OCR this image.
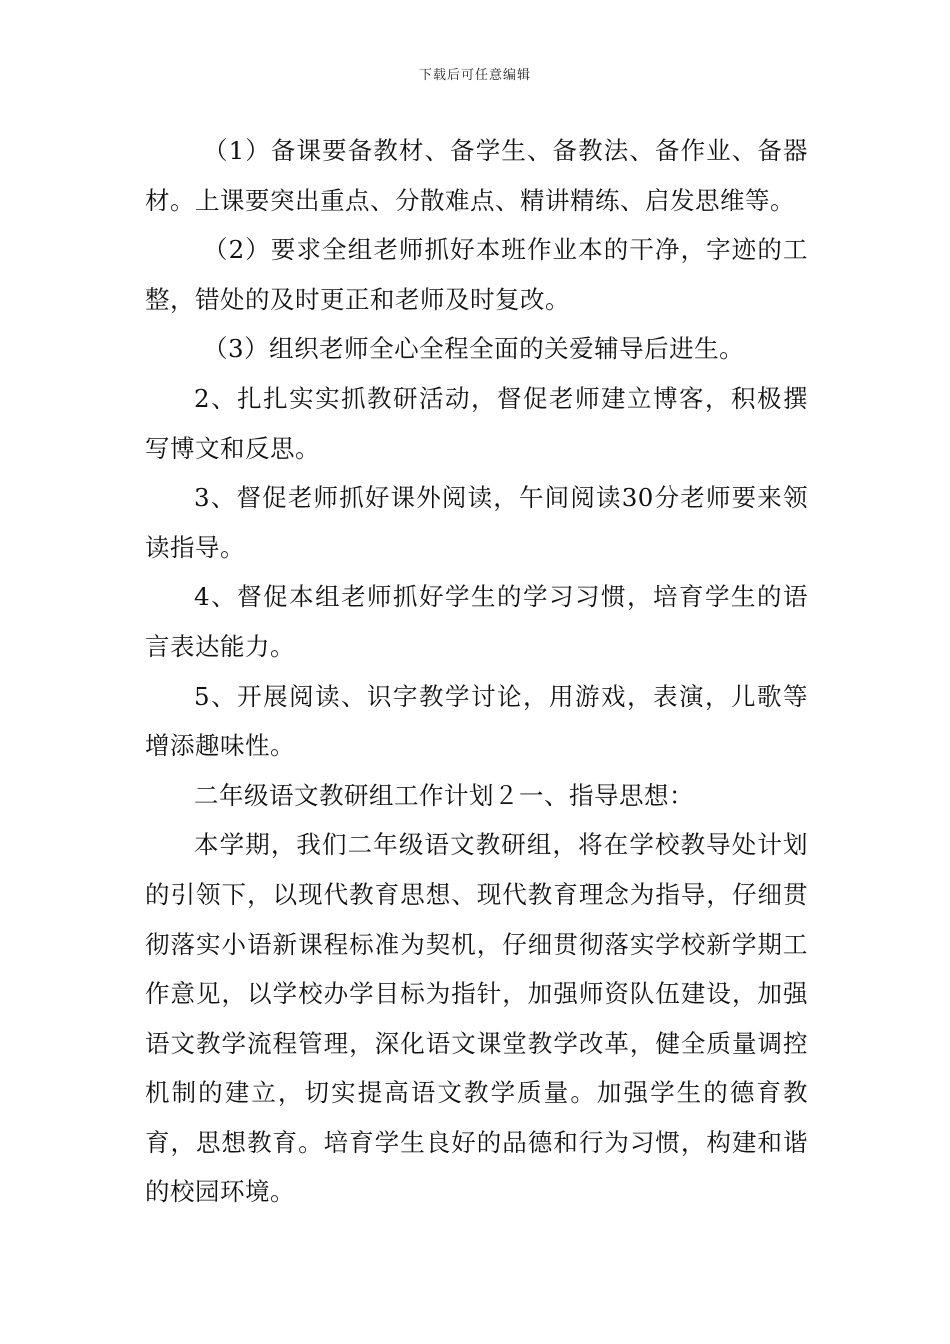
下载后可任意编辑

（1）备课要备教材、备学生、备教法、备作业、备器材。上课要突出重点、分散难点、精讲精练、启发思维等。

（2）要求全组老师抓好本班作业本的干净，字迹的工整，错处的及时更正和老师及时复改。

（3）组织老师全心全程全面的关爱辅导后进生。

2、扎扎实实抓教研活动，督促老师建立博客，积极撰写博文和反思。

3、督促老师抓好课外阅读，午间阅读30分老师要来领读指导。

4、督促本组老师抓好学生的学习习惯，培育学生的语言表达能力。

5、开展阅读、识字教学讨论，用游戏，表演，儿歌等增添趣味性。

二年级语文教研组工作计划２一、指导思想：

本学期，我们二年级语文教研组，将在学校教导处计划的引领下，以现代教育思想、现代教育理念为指导，仔细贯彻落实小语新课程标准为契机，仔细贯彻落实学校新学期工作意见，以学校办学目标为指针，加强师资队伍建设，加强语文教学流程管理，深化语文课堂教学改革，健全质量调控机制的建立，切实提高语文教学质量。加强学生的德育教育，思想教育。培育学生良好的品德和行为习惯，构建和谐的校园环境。
